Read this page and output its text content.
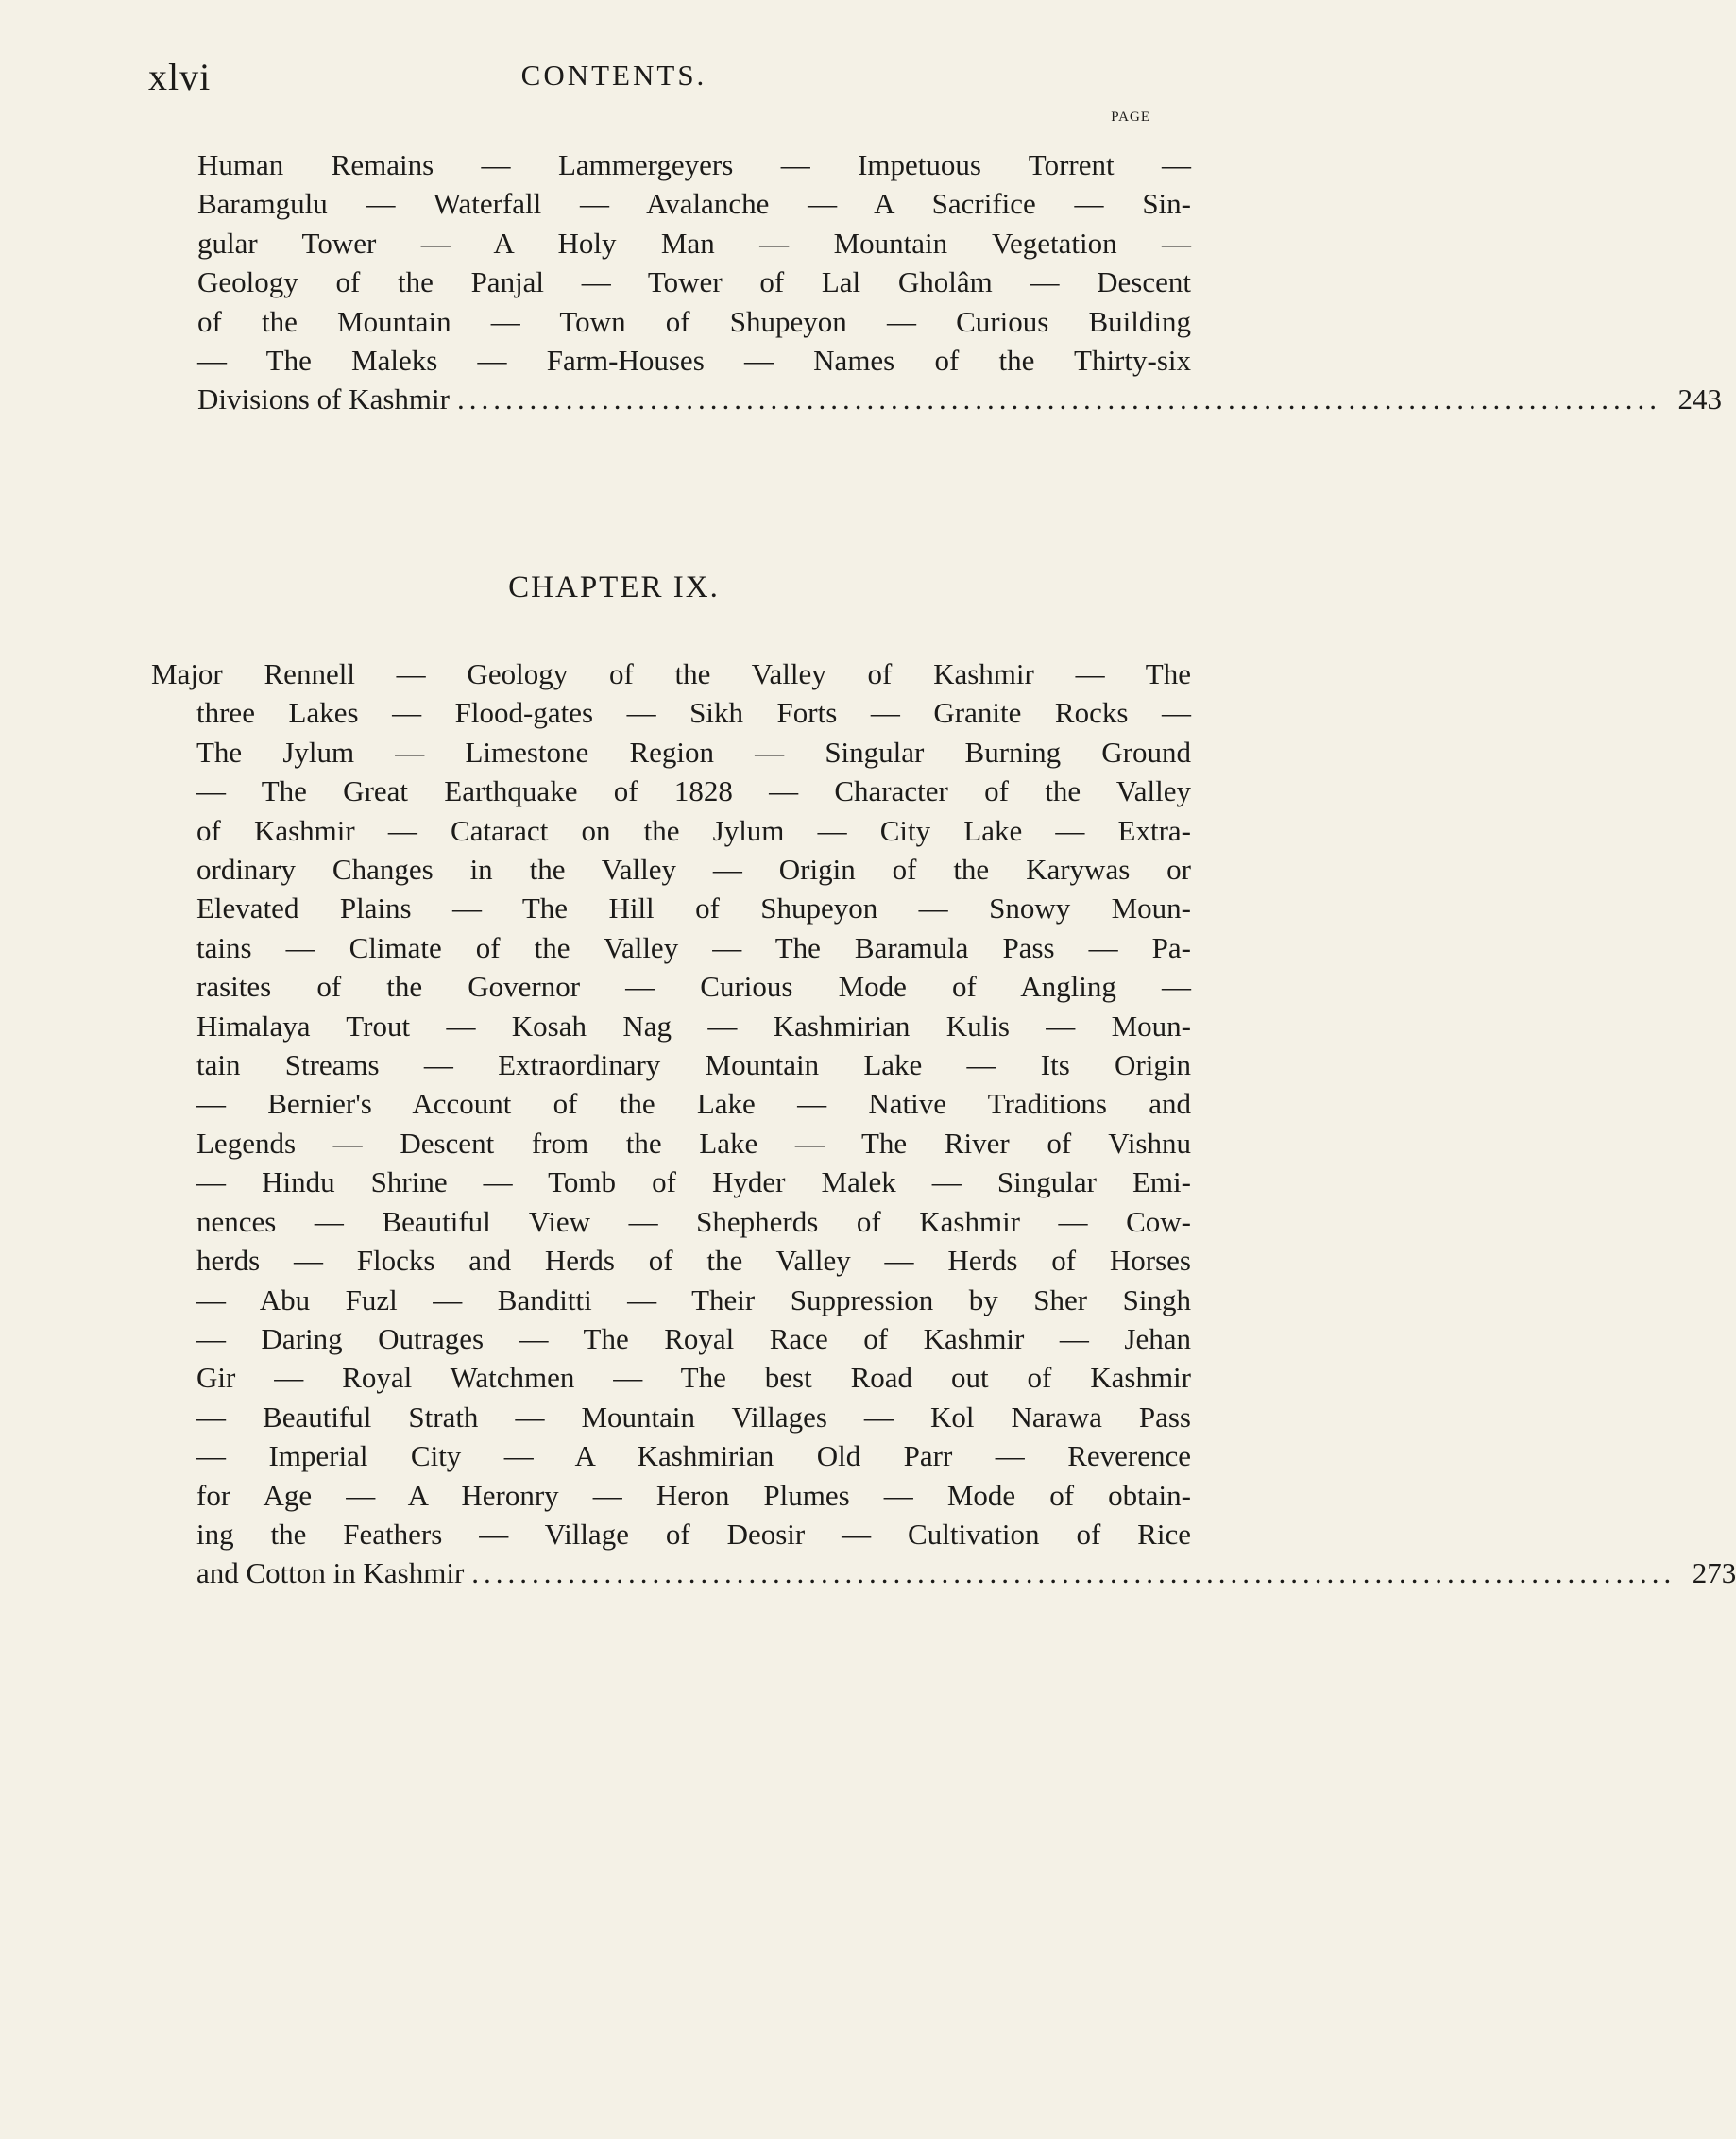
xlvi	CONTENTS.
PAGE
Human Remains — Lammergeyers — Impetuous Torrent —
Baramgulu — Waterfall — Avalanche — A Sacrifice — Sin-
gular Tower — A Holy Man — Mountain Vegetation —
Geology of the Panjal — Tower of Lal Gholâm — Descent
of the Mountain — Town of Shupeyon — Curious Building
— The Maleks — Farm-Houses — Names of the Thirty-six
Divisions of Kashmir .................................................................................................... 243
CHAPTER IX.
Major Rennell — Geology of the Valley of Kashmir — The
three Lakes — Flood-gates — Sikh Forts — Granite Rocks —
The Jylum — Limestone Region — Singular Burning Ground
— The Great Earthquake of 1828 — Character of the Valley
of Kashmir — Cataract on the Jylum — City Lake — Extra-
ordinary Changes in the Valley — Origin of the Karywas or
Elevated Plains — The Hill of Shupeyon — Snowy Moun-
tains — Climate of the Valley — The Baramula Pass — Pa-
rasites of the Governor — Curious Mode of Angling —
Himalaya Trout — Kosah Nag — Kashmirian Kulis — Moun-
tain Streams — Extraordinary Mountain Lake — Its Origin
— Bernier's Account of the Lake — Native Traditions and
Legends — Descent from the Lake — The River of Vishnu
— Hindu Shrine — Tomb of Hyder Malek — Singular Emi-
nences — Beautiful View — Shepherds of Kashmir — Cow-
herds — Flocks and Herds of the Valley — Herds of Horses
— Abu Fuzl — Banditti — Their Suppression by Sher Singh
— Daring Outrages — The Royal Race of Kashmir — Jehan
Gir — Royal Watchmen — The best Road out of Kashmir
— Beautiful Strath — Mountain Villages — Kol Narawa Pass
— Imperial City — A Kashmirian Old Parr — Reverence
for Age — A Heronry — Heron Plumes — Mode of obtain-
ing the Feathers — Village of Deosir — Cultivation of Rice
and Cotton in Kashmir .................................................................................................... 273
